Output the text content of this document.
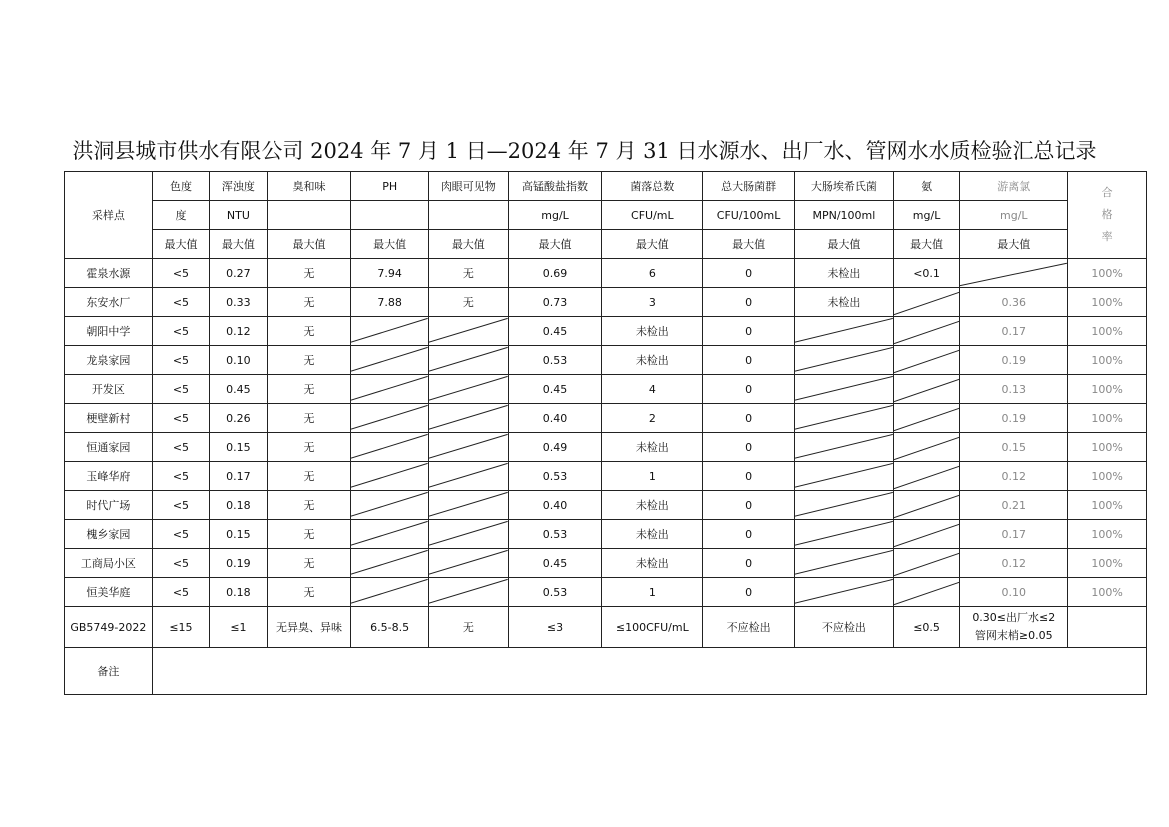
洪洞县城市供水有限公司 2024 年 7 月 1 日—2024 年 7 月 31 日水源水、出厂水、管网水水质检验汇总记录
采样点	色度	浑浊度	臭和味	PH	肉眼可见物	高锰酸盐指数	菌落总数	总大肠菌群	大肠埃希氏菌	氨	游离氯	合
格
率

	度	NTU				mg/L	CFU/mL	CFU/100mL	MPN/100ml	mg/L	mg/L	
	最大值	最大值	最大值	最大值	最大值	最大值	最大值	最大值	最大值	最大值	最大值	
霍泉水源	<5	0.27	无	7.94	无	0.69	6	0	未检出	<0.1		100%
东安水厂	<5	0.33	无	7.88	无	0.73	3	0	未检出		0.36	100%
朝阳中学	<5	0.12	无			0.45	未检出	0			0.17	100%
龙泉家园	<5	0.10	无			0.53	未检出	0			0.19	100%
开发区	<5	0.45	无			0.45	4	0			0.13	100%
梗壁新村	<5	0.26	无			0.40	2	0			0.19	100%
恒通家园	<5	0.15	无			0.49	未检出	0			0.15	100%
玉峰华府	<5	0.17	无			0.53	1	0			0.12	100%
时代广场	<5	0.18	无			0.40	未检出	0			0.21	100%
槐乡家园	<5	0.15	无			0.53	未检出	0			0.17	100%
工商局小区	<5	0.19	无			0.45	未检出	0			0.12	100%
恒美华庭	<5	0.18	无			0.53	1	0			0.10	100%
GB5749-2022	≤15	≤1	无异臭、异味	6.5-8.5	无	≤3	≤100CFU/mL	不应检出	不应检出	≤0.5	0.30≤出厂水≤2
管网末梢≥0.05	

备注												
